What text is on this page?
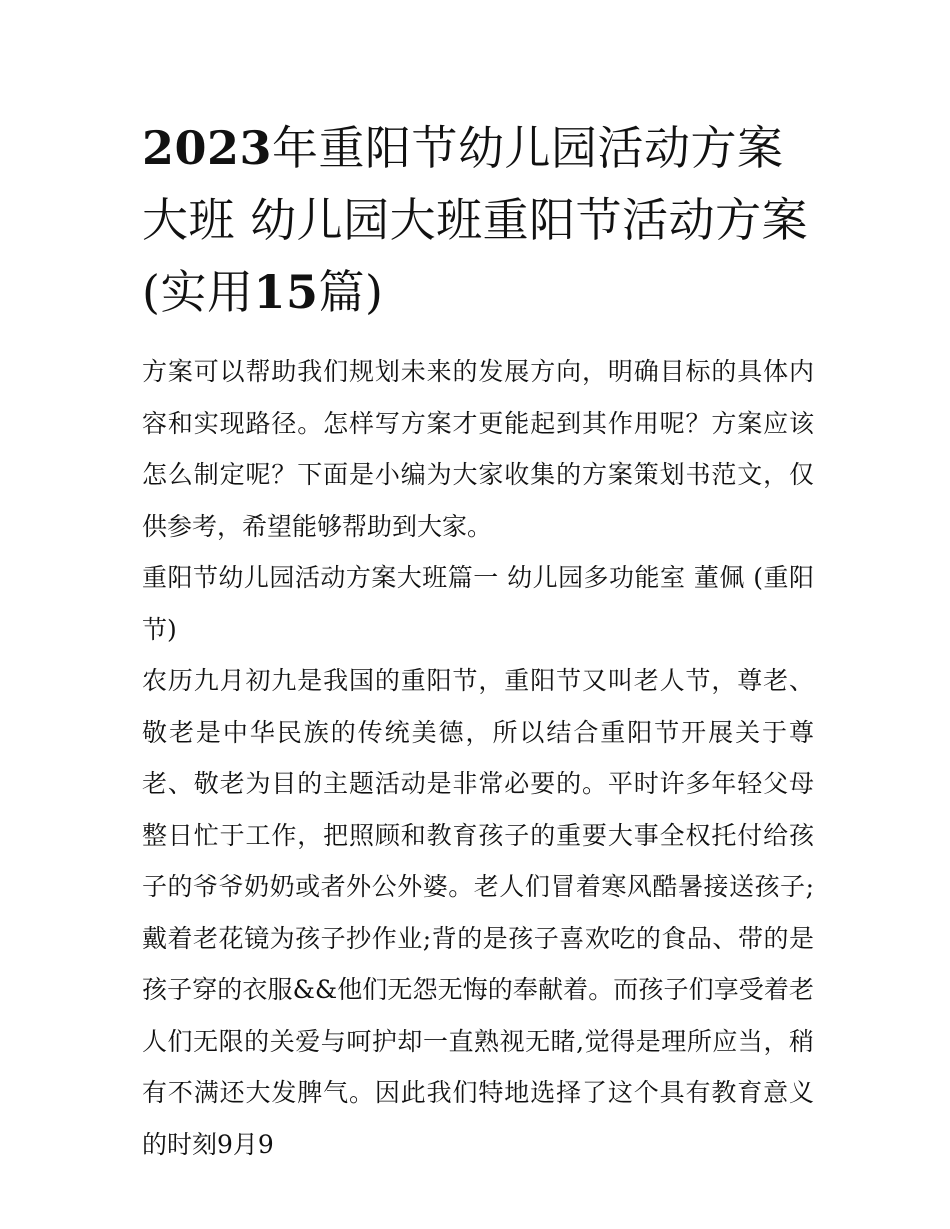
2023年重阳节幼儿园活动方案大班 幼儿园大班重阳节活动方案(实用15篇)

方案可以帮助我们规划未来的发展方向，明确目标的具体内容和实现路径。怎样写方案才更能起到其作用呢？方案应该怎么制定呢？下面是小编为大家收集的方案策划书范文，仅供参考，希望能够帮助到大家。

重阳节幼儿园活动方案大班篇一 幼儿园多功能室 董佩 (重阳节)

农历九月初九是我国的重阳节，重阳节又叫老人节，尊老、敬老是中华民族的传统美德，所以结合重阳节开展关于尊老、敬老为目的主题活动是非常必要的。平时许多年轻父母整日忙于工作，把照顾和教育孩子的重要大事全权托付给孩子的爷爷奶奶或者外公外婆。老人们冒着寒风酷暑接送孩子;戴着老花镜为孩子抄作业;背的是孩子喜欢吃的食品、带的是孩子穿的衣服&&他们无怨无悔的奉献着。而孩子们享受着老人们无限的关爱与呵护却一直熟视无睹,觉得是理所应当，稍有不满还大发脾气。因此我们特地选择了这个具有教育意义的时刻9月9
